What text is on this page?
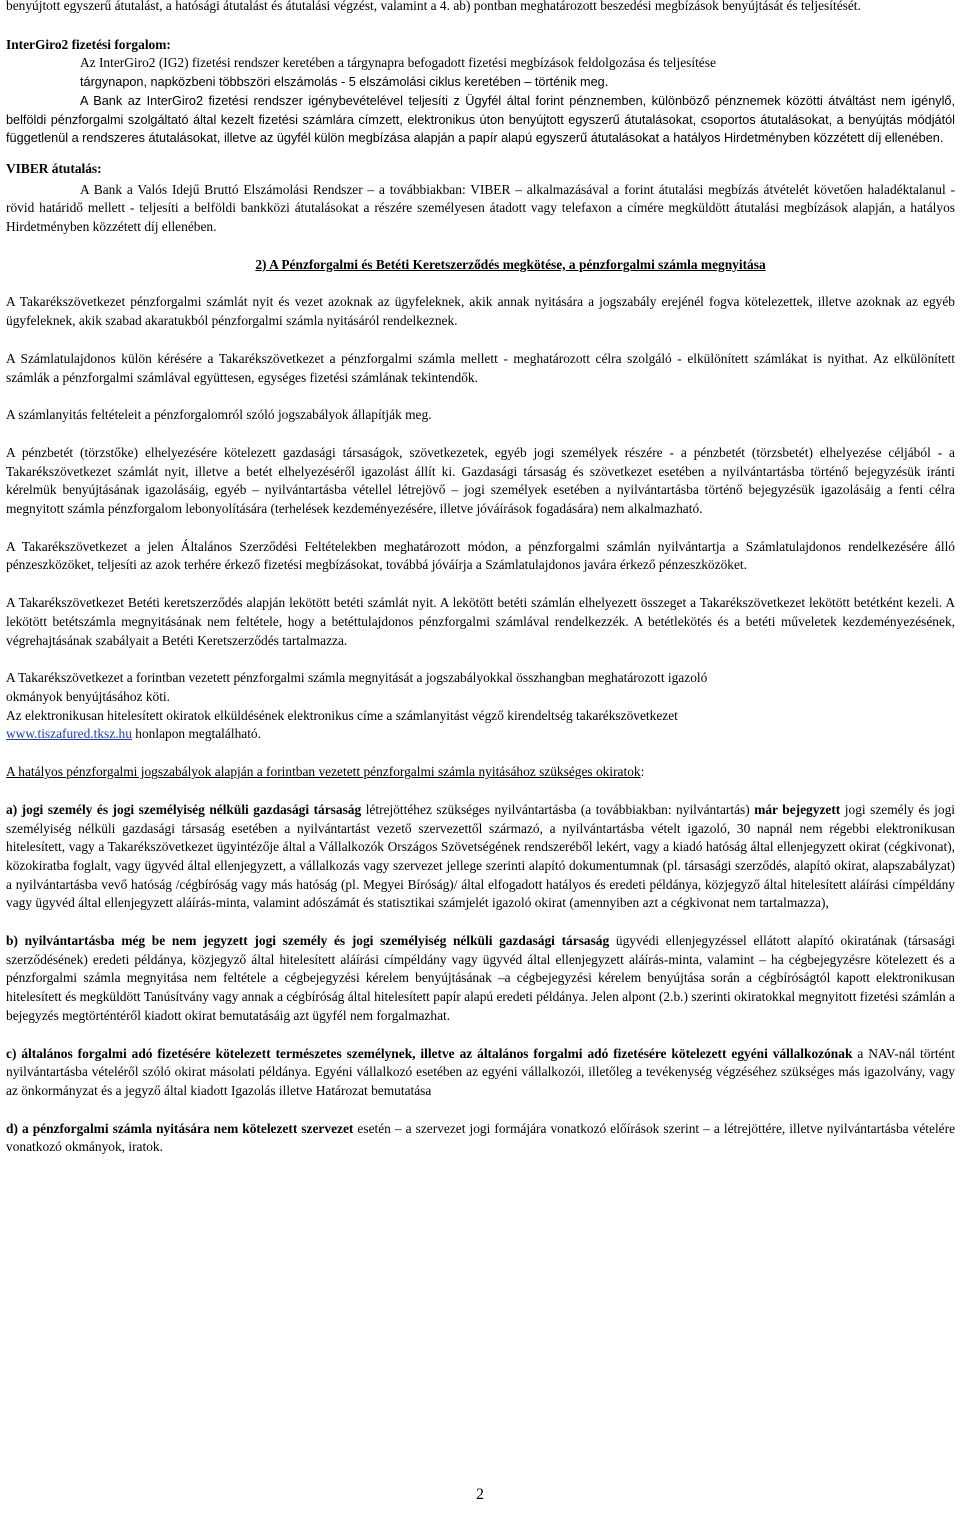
benyújtott egyszerű átutalást, a hatósági átutalást és átutalási végzést, valamint a 4. ab) pontban meghatározott beszedési megbízások benyújtását és teljesítését.

InterGiro2 fizetési forgalom:

Az InterGiro2 (IG2) fizetési rendszer keretében a tárgynapra befogadott fizetési megbízások feldolgozása és teljesítése

tárgynapon, napközbeni többszöri elszámolás - 5 elszámolási ciklus keretében – történik meg.

A Bank az InterGiro2 fizetési rendszer igénybevételével teljesíti z Ügyfél által forint pénznemben, különböző pénznemek közötti átváltást nem igénylő, belföldi pénzforgalmi szolgáltató által kezelt fizetési számlára címzett, elektronikus úton benyújtott egyszerű átutalásokat, csoportos átutalásokat, a benyújtás módjától függetlenül a rendszeres átutalásokat, illetve az ügyfél külön megbízása alapján a papír alapú egyszerű átutalásokat a hatályos Hirdetményben közzétett díj ellenében.

VIBER átutalás:

A Bank a Valós Idejű Bruttó Elszámolási Rendszer – a továbbiakban: VIBER – alkalmazásával a forint átutalási megbízás átvételét követően haladéktalanul - rövid határidő mellett - teljesíti a belföldi bankközi átutalásokat a részére személyesen átadott vagy telefaxon a címére megküldött átutalási megbízások alapján, a hatályos Hirdetményben közzétett díj ellenében.

2) A Pénzforgalmi és Betéti Keretszerződés megkötése, a pénzforgalmi számla megnyitása

A Takarékszövetkezet pénzforgalmi számlát nyit és vezet azoknak az ügyfeleknek, akik annak nyitására a jogszabály erejénél fogva kötelezettek, illetve azoknak az egyéb ügyfeleknek, akik szabad akaratukból pénzforgalmi számla nyitásáról rendelkeznek.

A Számlatulajdonos külön kérésére a Takarékszövetkezet a pénzforgalmi számla mellett - meghatározott célra szolgáló - elkülönített számlákat is nyithat. Az elkülönített számlák a pénzforgalmi számlával együttesen, egységes fizetési számlának tekintendők.

A számlanyitás feltételeit a pénzforgalomról szóló jogszabályok állapítják meg.

A pénzbetét (törzstőke) elhelyezésére kötelezett gazdasági társaságok, szövetkezetek, egyéb jogi személyek részére - a pénzbetét (törzsbetét) elhelyezése céljából - a Takarékszövetkezet számlát nyit, illetve a betét elhelyezéséről igazolást állít ki. Gazdasági társaság és szövetkezet esetében a nyilvántartásba történő bejegyzésük iránti kérelmük benyújtásának igazolásáig, egyéb – nyilvántartásba vétellel létrejövő – jogi személyek esetében a nyilvántartásba történő bejegyzésük igazolásáig a fenti célra megnyitott számla pénzforgalom lebonyolítására (terhelések kezdeményezésére, illetve jóváírások fogadására) nem alkalmazható.

A Takarékszövetkezet a jelen Általános Szerződési Feltételekben meghatározott módon, a pénzforgalmi számlán nyilvántartja a Számlatulajdonos rendelkezésére álló pénzeszközöket, teljesíti az azok terhére érkező fizetési megbízásokat, továbbá jóváírja a Számlatulajdonos javára érkező pénzeszközöket.

A Takarékszövetkezet Betéti keretszerződés alapján lekötött betéti számlát nyit. A lekötött betéti számlán elhelyezett összeget a Takarékszövetkezet lekötött betétként kezeli. A lekötött betétszámla megnyitásának nem feltétele, hogy a betéttulajdonos pénzforgalmi számlával rendelkezzék. A betétlekötés és a betéti műveletek kezdeményezésének, végrehajtásának szabályait a Betéti Keretszerződés tartalmazza.

A Takarékszövetkezet a forintban vezetett pénzforgalmi számla megnyitását a jogszabályokkal összhangban meghatározott igazoló
okmányok benyújtásához köti.

Az elektronikusan hitelesített okiratok elküldésének elektronikus címe a számlanyitást végző kirendeltség takarékszövetkezet
www.tiszafured.tksz.hu honlapon megtalálható.

A hatályos pénzforgalmi jogszabályok alapján a forintban vezetett pénzforgalmi számla nyitásához szükséges okiratok:

a) jogi személy és jogi személyiség nélküli gazdasági társaság létrejöttéhez szükséges nyilvántartásba (a továbbiakban: nyilvántartás) már bejegyzett jogi személy és jogi személyiség nélküli gazdasági társaság esetében a nyilvántartást vezető szervezettől származó, a nyilvántartásba vételt igazoló, 30 napnál nem régebbi elektronikusan hitelesített, vagy a Takarékszövetkezet ügyintézője által a Vállalkozók Országos Szövetségének rendszeréből lekért, vagy a kiadó hatóság által ellenjegyzett okirat (cégkivonat), közokiratba foglalt, vagy ügyvéd által ellenjegyzett, a vállalkozás vagy szervezet jellege szerinti alapító dokumentumnak (pl. társasági szerződés, alapító okirat, alapszabályzat) a nyilvántartásba vevő hatóság /cégbíróság vagy más hatóság (pl. Megyei Bíróság)/ által elfogadott hatályos és eredeti példánya, közjegyző által hitelesített aláírási címpéldány vagy ügyvéd által ellenjegyzett aláírás-minta, valamint adószámát és statisztikai számjelét igazoló okirat (amennyiben azt a cégkivonat nem tartalmazza),

b) nyilvántartásba még be nem jegyzett jogi személy és jogi személyiség nélküli gazdasági társaság ügyvédi ellenjegyzéssel ellátott alapító okiratának (társasági szerződésének) eredeti példánya, közjegyző által hitelesített aláírási címpéldány vagy ügyvéd által ellenjegyzett aláírás-minta, valamint – ha cégbejegyzésre kötelezett és a pénzforgalmi számla megnyitása nem feltétele a cégbejegyzési kérelem benyújtásának –a cégbejegyzési kérelem benyújtása során a cégbíróságtól kapott elektronikusan hitelesített és megküldött Tanúsítvány vagy annak a cégbíróság által hitelesített papír alapú eredeti példánya. Jelen alpont (2.b.) szerinti okiratokkal megnyitott fizetési számlán a bejegyzés megtörténtéről kiadott okirat bemutatásáig azt ügyfél nem forgalmazhat.

c) általános forgalmi adó fizetésére kötelezett természetes személynek, illetve az általános forgalmi adó fizetésére kötelezett egyéni vállalkozónak a NAV-nál történt nyilvántartásba vételéről szóló okirat másolati példánya. Egyéni vállalkozó esetében az egyéni vállalkozói, illetőleg a tevékenység végzéséhez szükséges más igazolvány, vagy az önkormányzat és a jegyző által kiadott Igazolás illetve Határozat bemutatása

d) a pénzforgalmi számla nyitására nem kötelezett szervezet esetén – a szervezet jogi formájára vonatkozó előírások szerint – a létrejöttére, illetve nyilvántartásba vételére vonatkozó okmányok, iratok.

2
